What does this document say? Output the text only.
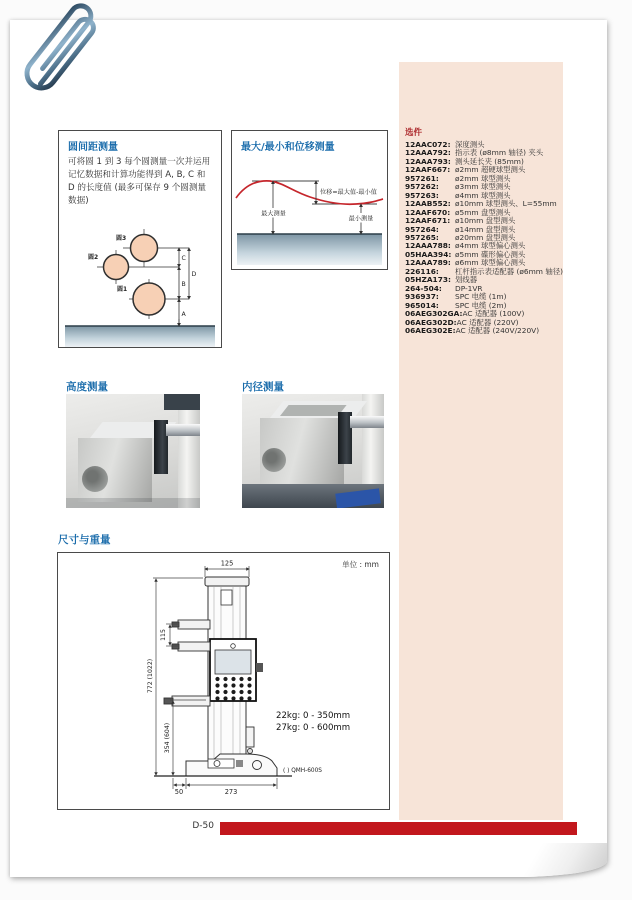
圆间距测量
可将圆 1 到 3 每个圆测量一次并运用记忆数据和计算功能得到 A, B, C 和 D 的长度值 (最多可保存 9 个圆测量数据)
圆3
圆2
圆1
C
B
A
D
最大/最小和位移测量
最大测量
位移=最大值-最小值
最小测量
选件
12AAC072: 深度测头
12AAA792: 指示表 (ø8mm 轴径) 夹头
12AAA793: 测头延长夹 (85mm)
12AAF667: ø2mm 超硬球型测头
957261:	ø2mm 球型测头
957262:	ø3mm 球型测头
957263:	ø4mm 球型测头
12AAB552: ø10mm 球型测头、L=55mm
12AAF670: ø5mm 盘型测头
12AAF671: ø10mm 盘型测头
957264:	ø14mm 盘型测头
957265:	ø20mm 盘型测头
12AAA788: ø4mm 球型偏心测头
05HAA394: ø5mm 碟形偏心测头
12AAA789: ø6mm 球型偏心测头
226116:	杠杆指示表适配器 (ø6mm 轴径)
05HZA173: 划线器
264-504:	DP-1VR
936937:	SPC 电缆 (1m)
965014:	SPC 电缆 (2m)
06AEG302GA: AC 适配器 (100V)
06AEG302D: AC 适配器 (220V)
06AEG302E: AC 适配器 (240V/220V)
高度测量	内径测量
尺寸与重量
单位 : mm
125
772 (1022)
115
354 (604)
50	273
( ) QMH-600S
22kg: 0 - 350mm
27kg: 0 - 600mm
D-50
